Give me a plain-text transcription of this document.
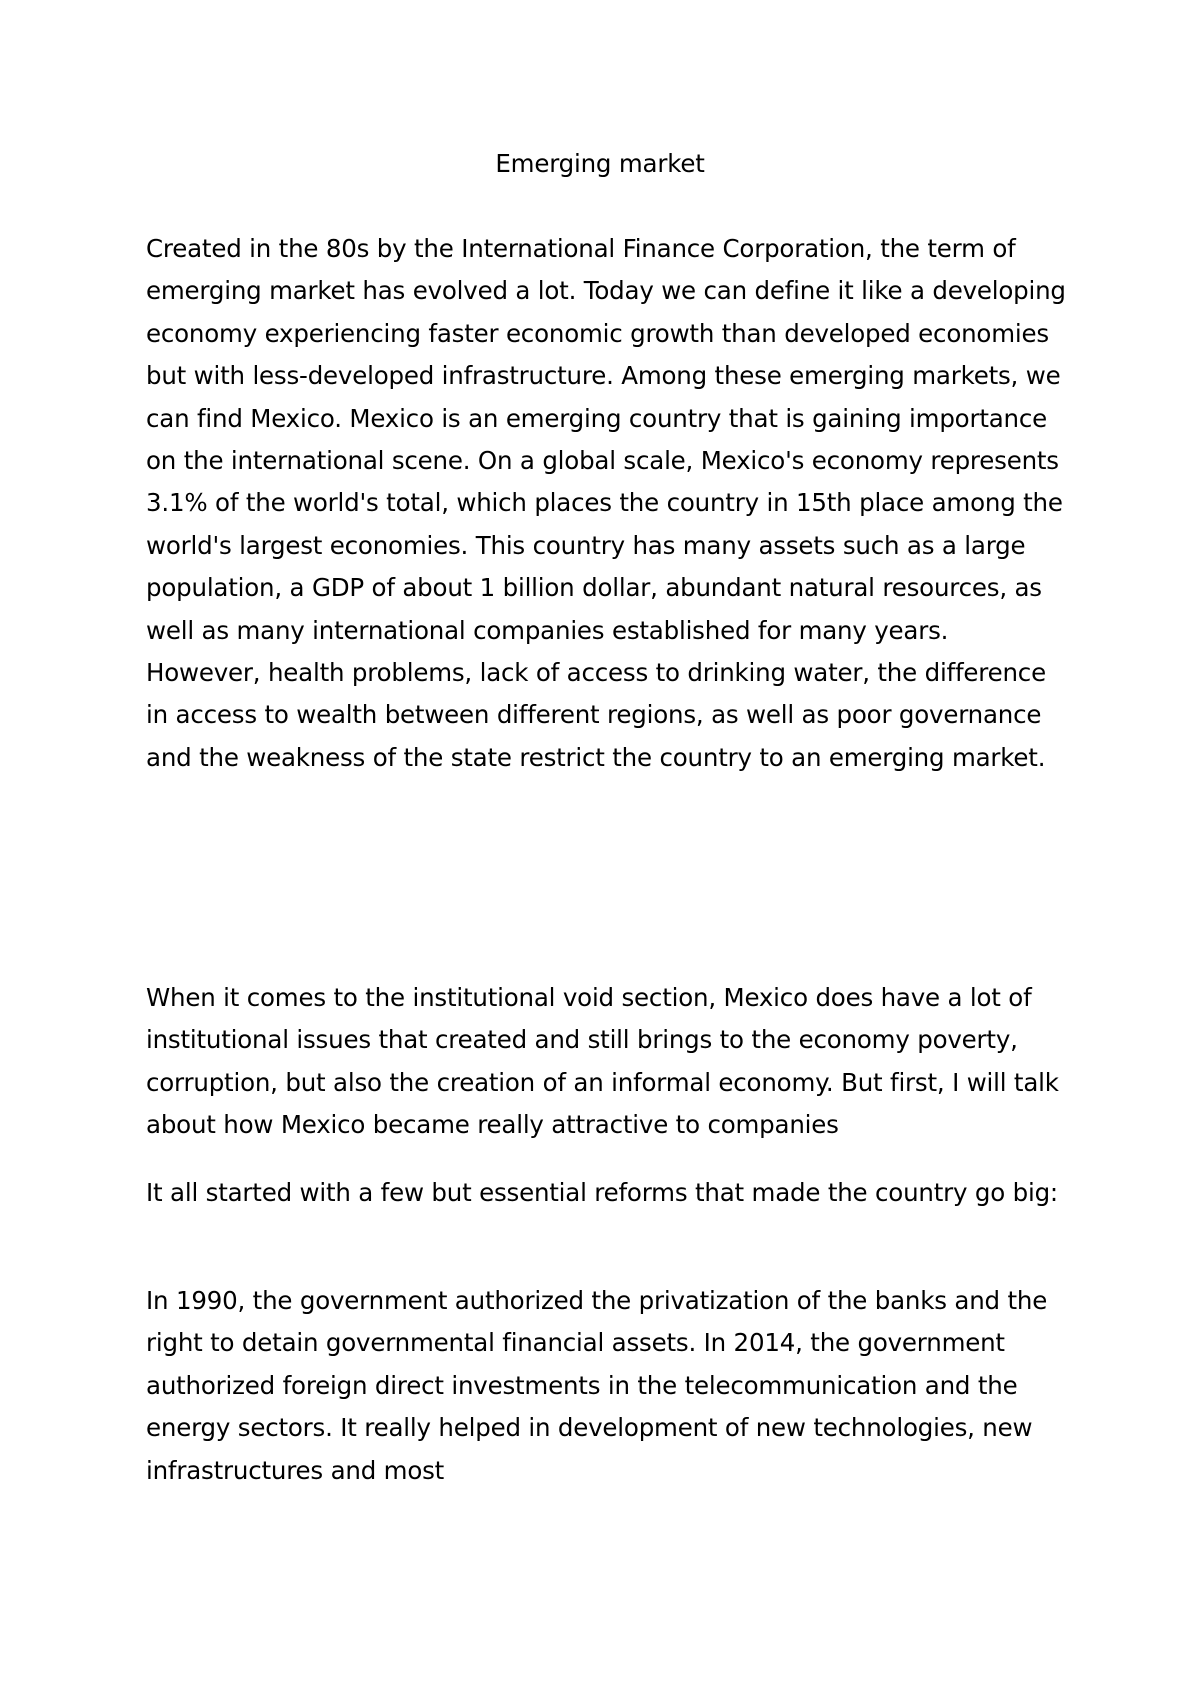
Emerging market

Created in the 80s by the International Finance Corporation, the term of emerging market has evolved a lot. Today we can define it like a developing economy experiencing faster economic growth than developed economies but with less-developed infrastructure. Among these emerging markets, we can find Mexico. Mexico is an emerging country that is gaining importance on the international scene. On a global scale, Mexico's economy represents 3.1% of the world's total, which places the country in 15th place among the world's largest economies. This country has many assets such as a large population, a GDP of about 1 billion dollar, abundant natural resources, as well as many international companies established for many years. However, health problems, lack of access to drinking water, the difference in access to wealth between different regions, as well as poor governance and the weakness of the state restrict the country to an emerging market.

When it comes to the institutional void section, Mexico does have a lot of institutional issues that created and still brings to the economy poverty, corruption, but also the creation of an informal economy. But first, I will talk about how Mexico became really attractive to companies

It all started with a few but essential reforms that made the country go big:

In 1990, the government authorized the privatization of the banks and the right to detain governmental financial assets. In 2014, the government authorized foreign direct investments in the telecommunication and the energy sectors. It really helped in development of new technologies, new infrastructures and most
